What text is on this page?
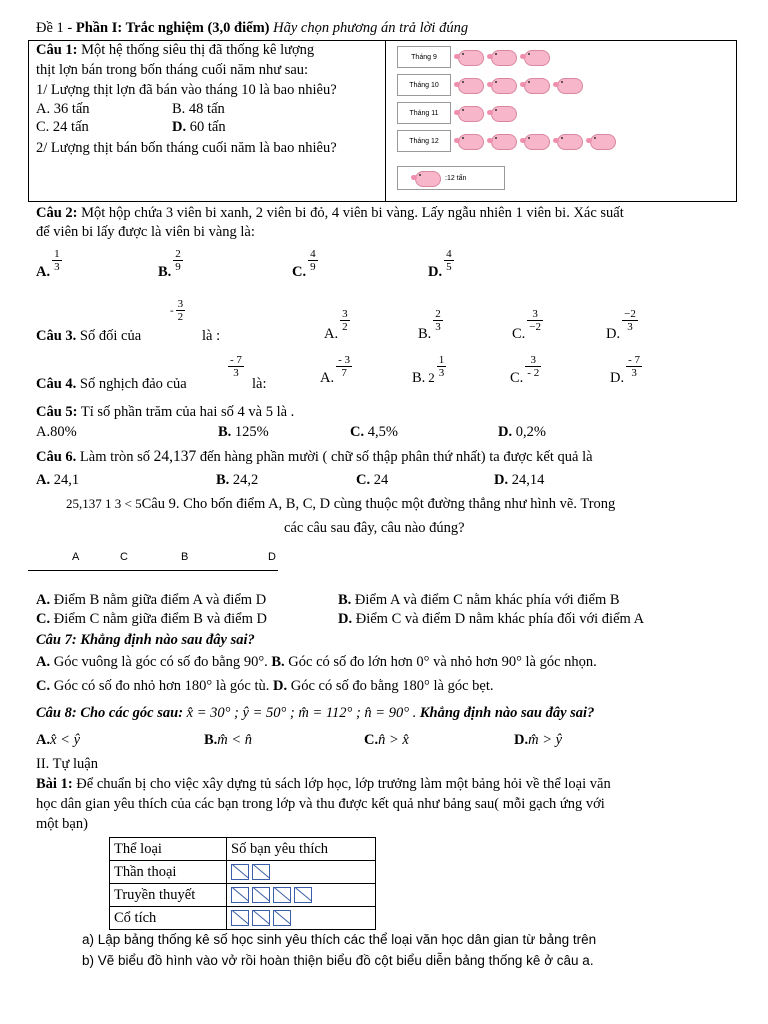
Đề 1 - Phần I: Trắc nghiệm (3,0 điểm) Hãy chọn phương án trả lời đúng
Câu 1: Một hệ thống siêu thị đã thống kê lượng
thịt lợn bán trong bốn tháng cuối năm như sau:
1/ Lượng thịt lợn đã bán vào tháng 10 là bao nhiêu?
A. 36 tấn	B. 48 tấn
C. 24 tấn	D. 60 tấn
2/ Lượng thịt bán bốn tháng cuối năm là bao nhiêu?
Tháng 9
Tháng 10
Tháng 11
Tháng 12
:12 tấn
Câu 2: Một hộp chứa 3 viên bi xanh, 2 viên bi đỏ, 4 viên bi vàng. Lấy ngẫu nhiên 1 viên bi. Xác suất
để viên bi lấy được là viên bi vàng là:
A. $\frac{1}{3}$	B. $\frac{2}{9}$	C. $\frac{4}{9}$	D. $\frac{4}{5}$
Câu 3. Số đối của
- $\frac{3}{2}$
là :	A.
$\frac{3}{2}$
B.
$\frac{2}{3}$
C.
$\frac{3}{-2}$
D.
$\frac{-2}{3}$
Câu 4. Số nghịch đảo của
$\frac{- 7}{3}$
là:	A. $\frac{- 3}{7}$	B. $2 \frac{1}{3}$	C. $\frac{3}{- 2}$	D. $\frac{- 7}{3}$
Câu 5: Tỉ số phần trăm của hai số 4 và 5 là .
A.80%	B. 125%	C. 4,5%	D. 0,2%
Câu 6. Làm tròn số 24,137 đến hàng phần mười ( chữ số thập phân thứ nhất) ta được kết quả là
A. 24,1	B. 24,2	C. 24	D. 24,14
25,137 1 3 < 5Câu 9. Cho bốn điểm A, B, C, D cùng thuộc một đường thẳng như hình vẽ. Trong
các câu sau đây, câu nào đúng?
A	C	B	D
A. Điểm B nằm giữa điểm A và điểm D	B. Điểm A và điểm C nằm khác phía với điểm B
C. Điểm C nằm giữa điểm B và điểm D	D. Điểm C và điểm D nằm khác phía đối với điểm A
Câu 7: Khẳng định nào sau đây sai?
A. Góc vuông là góc có số đo bằng 90°. B. Góc có số đo lớn hơn 0° và nhỏ hơn 90° là góc nhọn.
C. Góc có số đo nhỏ hơn 180° là góc tù. D. Góc có số đo bằng 180° là góc bẹt.
Câu 8: Cho các góc sau: x̂ = 30° ; ŷ = 50° ; m̂ = 112° ; n̂ = 90° . Khẳng định nào sau đây sai?
A.x̂ < ŷ	B.m̂ < n̂	C.n̂ > x̂	D.m̂ > ŷ
II. Tự luận
Bài 1: Để chuẩn bị cho việc xây dựng tủ sách lớp học, lớp trưởng làm một bảng hỏi về thể loại văn
học dân gian yêu thích của các bạn trong lớp và thu được kết quả như bảng sau( mỗi gạch ứng với
một bạn)
Thể loại	Số bạn yêu thích
Thần thoại	
Truyền thuyết	
Cổ tích	
a) Lập bảng thống kê số học sinh yêu thích các thể loại văn học dân gian từ bảng trên
b) Vẽ biểu đồ hình vào vở rồi hoàn thiện biểu đồ cột biểu diễn bảng thống kê ở câu a.
